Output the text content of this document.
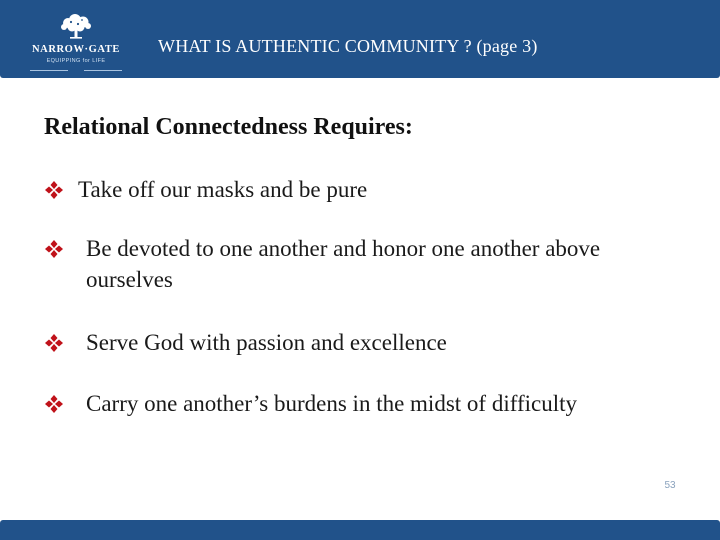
NARROW·GATE
EQUIPPING for LIFE
WHAT IS AUTHENTIC COMMUNITY ? (page 3)
Relational Connectedness Requires:
Take off our masks and be pure
Be devoted to one another and honor one another above ourselves
Serve God with passion and excellence
Carry one another’s burdens in the midst of difficulty
53
